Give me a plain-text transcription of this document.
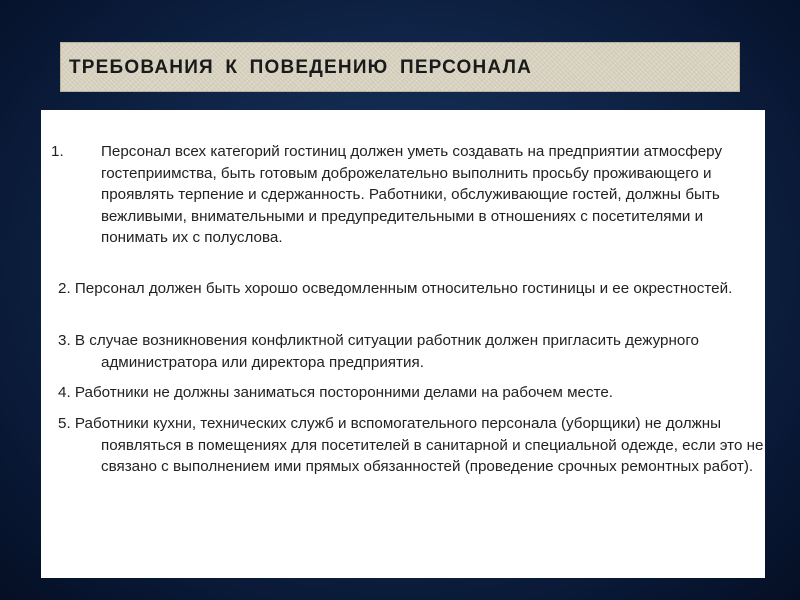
ТРЕБОВАНИЯ К ПОВЕДЕНИЮ ПЕРСОНАЛА
1. Персонал всех категорий гостиниц должен уметь создавать на предприятии атмосферу гостеприимства, быть готовым доброжелательно выполнить просьбу проживающего и проявлять терпение и сдержанность. Работники, обслуживающие гостей, должны быть вежливыми, внимательными и предупредительными в отношениях с посетителями и понимать их с полуслова.
2. Персонал должен быть хорошо осведомленным относительно гостиницы и ее окрестностей.
3. В случае возникновения конфликтной ситуации работник должен пригласить дежурного администратора или директора предприятия.
4. Работники не должны заниматься посторонними делами на рабочем месте.
5. Работники кухни, технических служб и вспомогательного персонала (уборщики) не должны появляться в помещениях для посетителей в санитарной и специальной одежде, если это не связано с выполнением ими прямых обязанностей (проведение срочных ремонтных работ).
